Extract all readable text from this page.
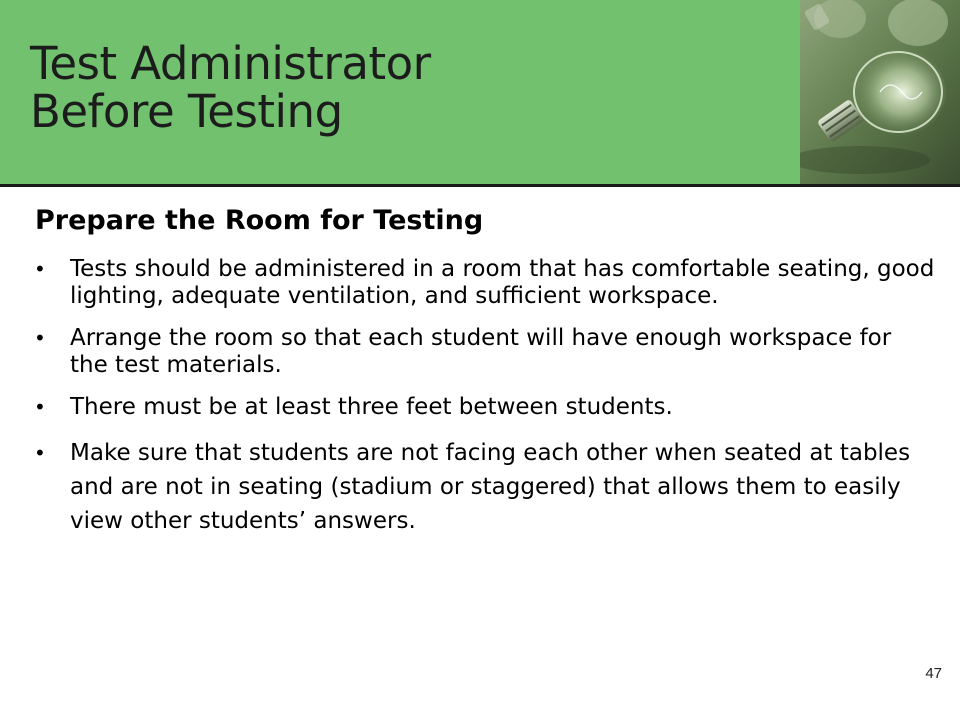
Test Administrator
Before Testing
Prepare the Room for Testing
• Tests should be administered in a room that has comfortable seating, good lighting, adequate ventilation, and sufficient workspace.
• Arrange the room so that each student will have enough workspace for the test materials.
• There must be at least three feet between students.
• Make sure that students are not facing each other when seated at tables and are not in seating (stadium or staggered) that allows them to easily view other students’ answers.
47
